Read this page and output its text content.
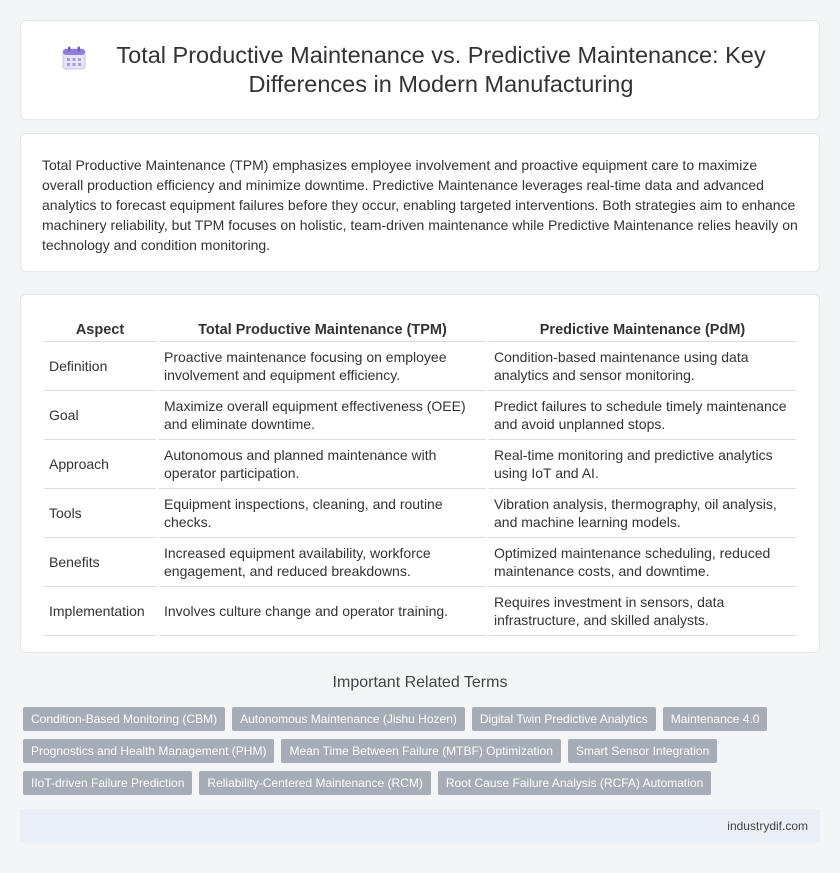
Total Productive Maintenance vs. Predictive Maintenance: Key Differences in Modern Manufacturing

Total Productive Maintenance (TPM) emphasizes employee involvement and proactive equipment care to maximize overall production efficiency and minimize downtime. Predictive Maintenance leverages real-time data and advanced analytics to forecast equipment failures before they occur, enabling targeted interventions. Both strategies aim to enhance machinery reliability, but TPM focuses on holistic, team-driven maintenance while Predictive Maintenance relies heavily on technology and condition monitoring.

Aspect	Total Productive Maintenance (TPM)	Predictive Maintenance (PdM)
Definition	Proactive maintenance focusing on employee involvement and equipment efficiency.	Condition-based maintenance using data analytics and sensor monitoring.
Goal	Maximize overall equipment effectiveness (OEE) and eliminate downtime.	Predict failures to schedule timely maintenance and avoid unplanned stops.
Approach	Autonomous and planned maintenance with operator participation.	Real-time monitoring and predictive analytics using IoT and AI.
Tools	Equipment inspections, cleaning, and routine checks.	Vibration analysis, thermography, oil analysis, and machine learning models.
Benefits	Increased equipment availability, workforce engagement, and reduced breakdowns.	Optimized maintenance scheduling, reduced maintenance costs, and downtime.
Implementation	Involves culture change and operator training.	Requires investment in sensors, data infrastructure, and skilled analysts.
Important Related Terms
Condition-Based Monitoring (CBM)	Autonomous Maintenance (Jishu Hozen)	Digital Twin Predictive Analytics	Maintenance 4.0
Prognostics and Health Management (PHM)	Mean Time Between Failure (MTBF) Optimization	Smart Sensor Integration
IIoT-driven Failure Prediction	Reliability-Centered Maintenance (RCM)	Root Cause Failure Analysis (RCFA) Automation
industrydif.com
